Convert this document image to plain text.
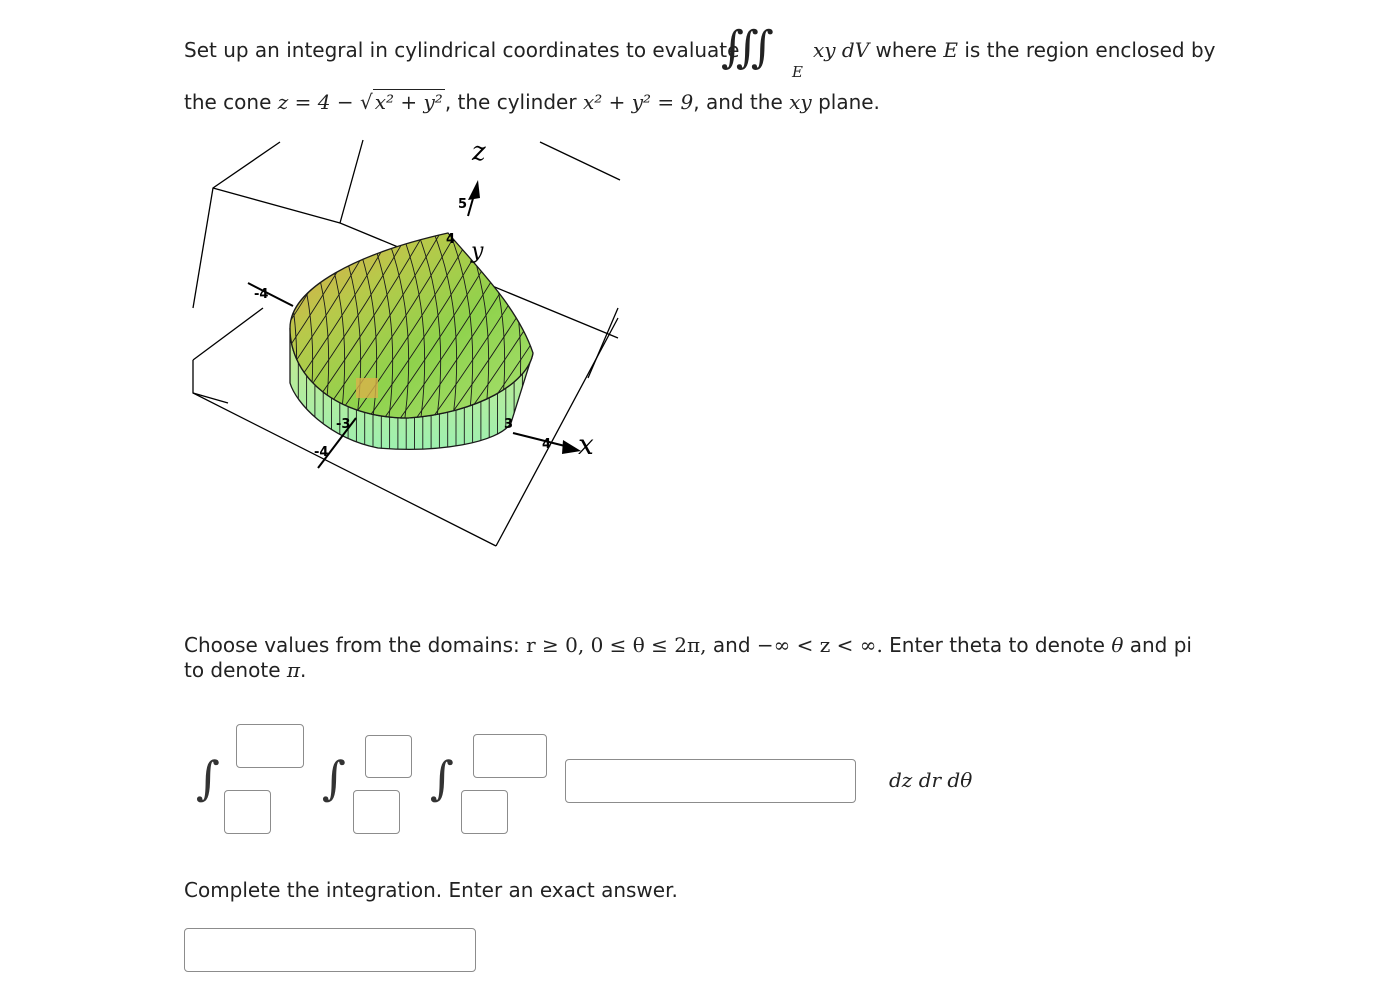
Set up an integral in cylindrical coordinates to evaluate
∫∫∫ E
xy dV where E is the region enclosed by
the cone z = 4 − √ x² + y² , the cylinder x² + y² = 9, and the xy plane.
z
y
x
5
4
-4
-3
-4
3
4
Choose values from the domains: r ≥ 0, 0 ≤ θ ≤ 2π, and −∞ < z < ∞. Enter theta to denote θ and pi
to denote π.
∫ ∫ ∫	dz dr dθ
Complete the integration. Enter an exact answer.
